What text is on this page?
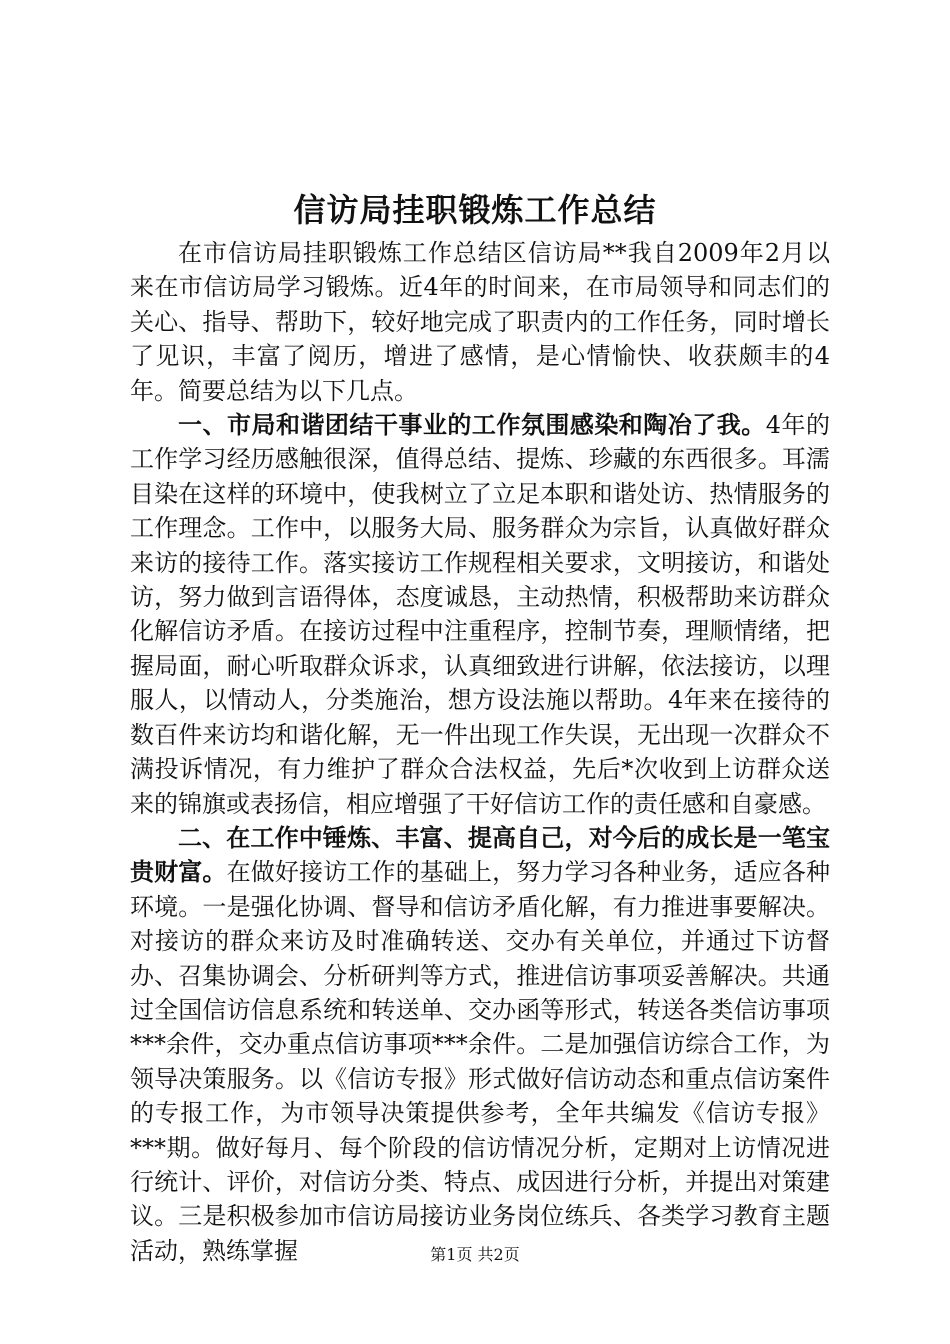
信访局挂职锻炼工作总结

在市信访局挂职锻炼工作总结区信访局**我自2009年2月以来在市信访局学习锻炼。近4年的时间来，在市局领导和同志们的关心、指导、帮助下，较好地完成了职责内的工作任务，同时增长了见识，丰富了阅历，增进了感情，是心情愉快、收获颇丰的4年。简要总结为以下几点。

一、市局和谐团结干事业的工作氛围感染和陶冶了我。4年的工作学习经历感触很深，值得总结、提炼、珍藏的东西很多。耳濡目染在这样的环境中，使我树立了立足本职和谐处访、热情服务的工作理念。工作中，以服务大局、服务群众为宗旨，认真做好群众来访的接待工作。落实接访工作规程相关要求，文明接访，和谐处访，努力做到言语得体，态度诚恳，主动热情，积极帮助来访群众化解信访矛盾。在接访过程中注重程序，控制节奏，理顺情绪，把握局面，耐心听取群众诉求，认真细致进行讲解，依法接访，以理服人，以情动人，分类施治，想方设法施以帮助。4年来在接待的数百件来访均和谐化解，无一件出现工作失误，无出现一次群众不满投诉情况，有力维护了群众合法权益，先后*次收到上访群众送来的锦旗或表扬信，相应增强了干好信访工作的责任感和自豪感。

二、在工作中锤炼、丰富、提高自己，对今后的成长是一笔宝贵财富。在做好接访工作的基础上，努力学习各种业务，适应各种环境。一是强化协调、督导和信访矛盾化解，有力推进事要解决。对接访的群众来访及时准确转送、交办有关单位，并通过下访督办、召集协调会、分析研判等方式，推进信访事项妥善解决。共通过全国信访信息系统和转送单、交办函等形式，转送各类信访事项***余件，交办重点信访事项***余件。二是加强信访综合工作，为领导决策服务。以《信访专报》形式做好信访动态和重点信访案件的专报工作，为市领导决策提供参考，全年共编发《信访专报》***期。做好每月、每个阶段的信访情况分析，定期对上访情况进行统计、评价，对信访分类、特点、成因进行分析，并提出对策建议。三是积极参加市信访局接访业务岗位练兵、各类学习教育主题活动，熟练掌握	第1页 共2页
